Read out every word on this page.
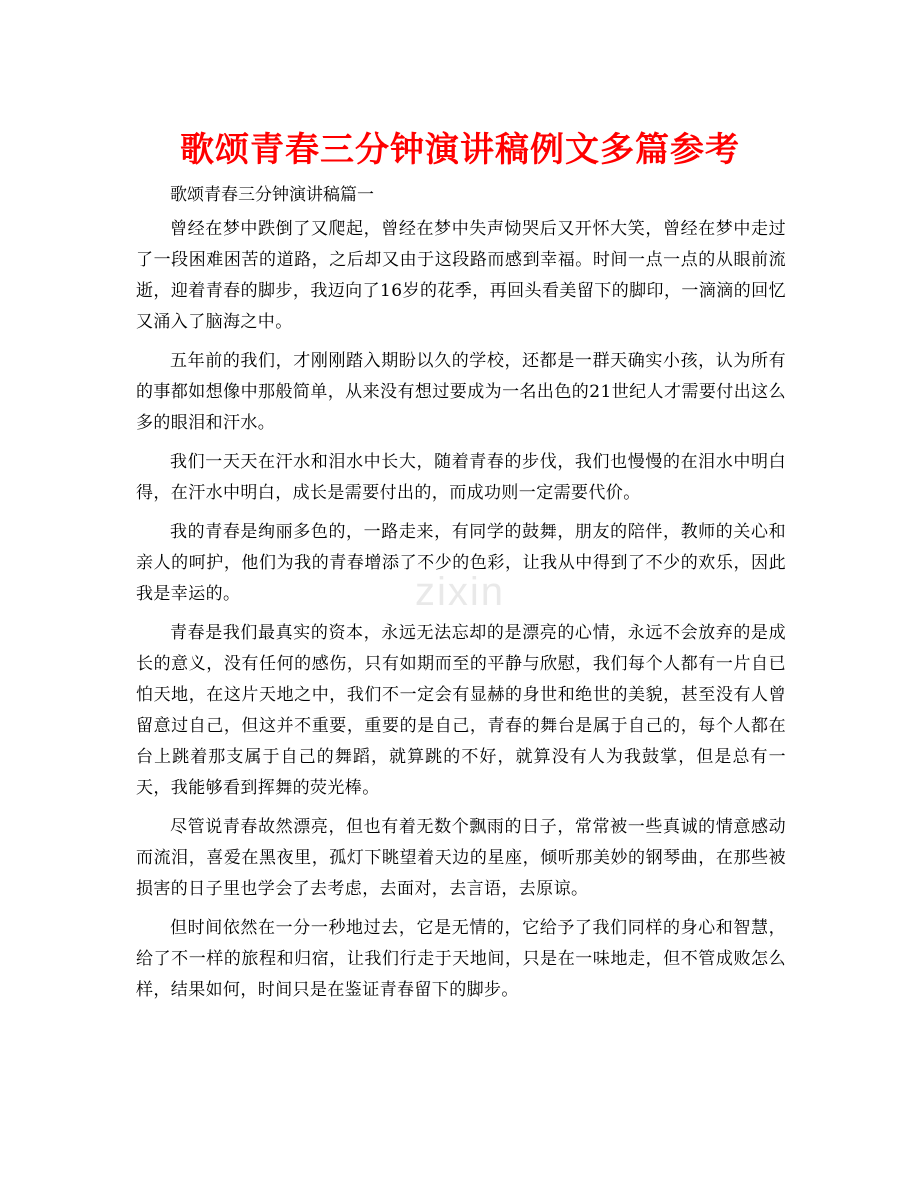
歌颂青春三分钟演讲稿例文多篇参考
zixin

歌颂青春三分钟演讲稿篇一

曾经在梦中跌倒了又爬起，曾经在梦中失声恸哭后又开怀大笑，曾经在梦中走过了一段困难困苦的道路，之后却又由于这段路而感到幸福。时间一点一点的从眼前流逝，迎着青春的脚步，我迈向了16岁的花季，再回头看美留下的脚印，一滴滴的回忆又涌入了脑海之中。

五年前的我们，才刚刚踏入期盼以久的学校，还都是一群天确实小孩，认为所有的事都如想像中那般简单，从来没有想过要成为一名出色的21世纪人才需要付出这么多的眼泪和汗水。

我们一天天在汗水和泪水中长大，随着青春的步伐，我们也慢慢的在泪水中明白得，在汗水中明白，成长是需要付出的，而成功则一定需要代价。

我的青春是绚丽多色的，一路走来，有同学的鼓舞，朋友的陪伴，教师的关心和亲人的呵护，他们为我的青春增添了不少的色彩，让我从中得到了不少的欢乐，因此我是幸运的。

青春是我们最真实的资本，永远无法忘却的是漂亮的心情，永远不会放弃的是成长的意义，没有任何的感伤，只有如期而至的平静与欣慰，我们每个人都有一片自已怕天地，在这片天地之中，我们不一定会有显赫的身世和绝世的美貌，甚至没有人曾留意过自己，但这并不重要，重要的是自己，青春的舞台是属于自己的，每个人都在台上跳着那支属于自己的舞蹈，就算跳的不好，就算没有人为我鼓掌，但是总有一天，我能够看到挥舞的荧光棒。

尽管说青春故然漂亮，但也有着无数个飘雨的日子，常常被一些真诚的情意感动而流泪，喜爱在黑夜里，孤灯下眺望着天边的星座，倾听那美妙的钢琴曲，在那些被损害的日子里也学会了去考虑，去面对，去言语，去原谅。

但时间依然在一分一秒地过去，它是无情的，它给予了我们同样的身心和智慧，给了不一样的旅程和归宿，让我们行走于天地间，只是在一味地走，但不管成败怎么样，结果如何，时间只是在鉴证青春留下的脚步。
